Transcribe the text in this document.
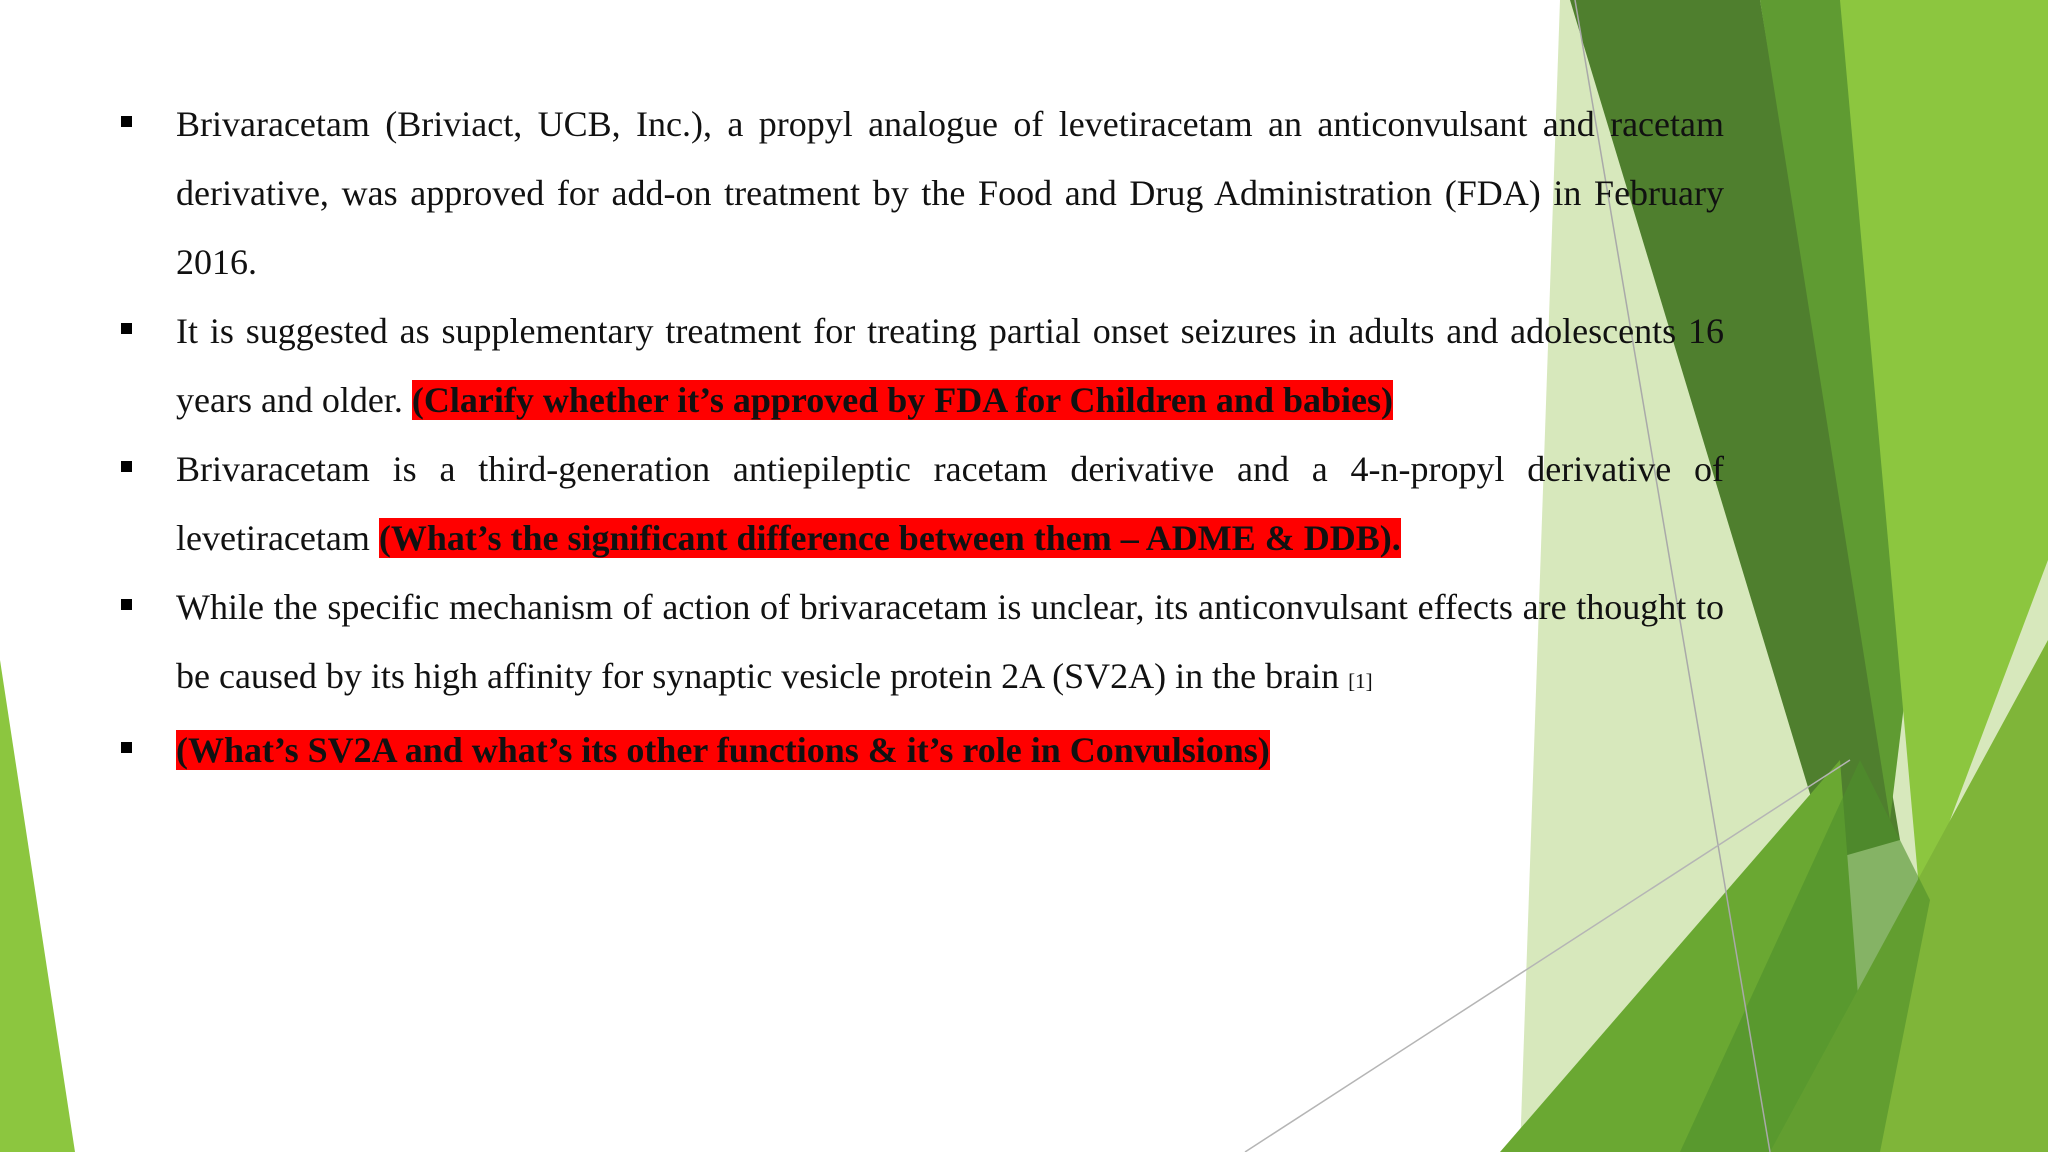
Brivaracetam (Briviact, UCB, Inc.), a propyl analogue of levetiracetam an anticonvulsant and racetam derivative, was approved for add-on treatment by the Food and Drug Administration (FDA) in February 2016.
It is suggested as supplementary treatment for treating partial onset seizures in adults and adolescents 16 years and older. (Clarify whether it’s approved by FDA for Children and babies)
Brivaracetam is a third-generation antiepileptic racetam derivative and a 4-n-propyl derivative of levetiracetam (What’s the significant difference between them – ADME & DDB).
While the specific mechanism of action of brivaracetam is unclear, its anticonvulsant effects are thought to be caused by its high affinity for synaptic vesicle protein 2A (SV2A) in the brain [1]
(What’s SV2A and what’s its other functions & it’s role in Convulsions)
